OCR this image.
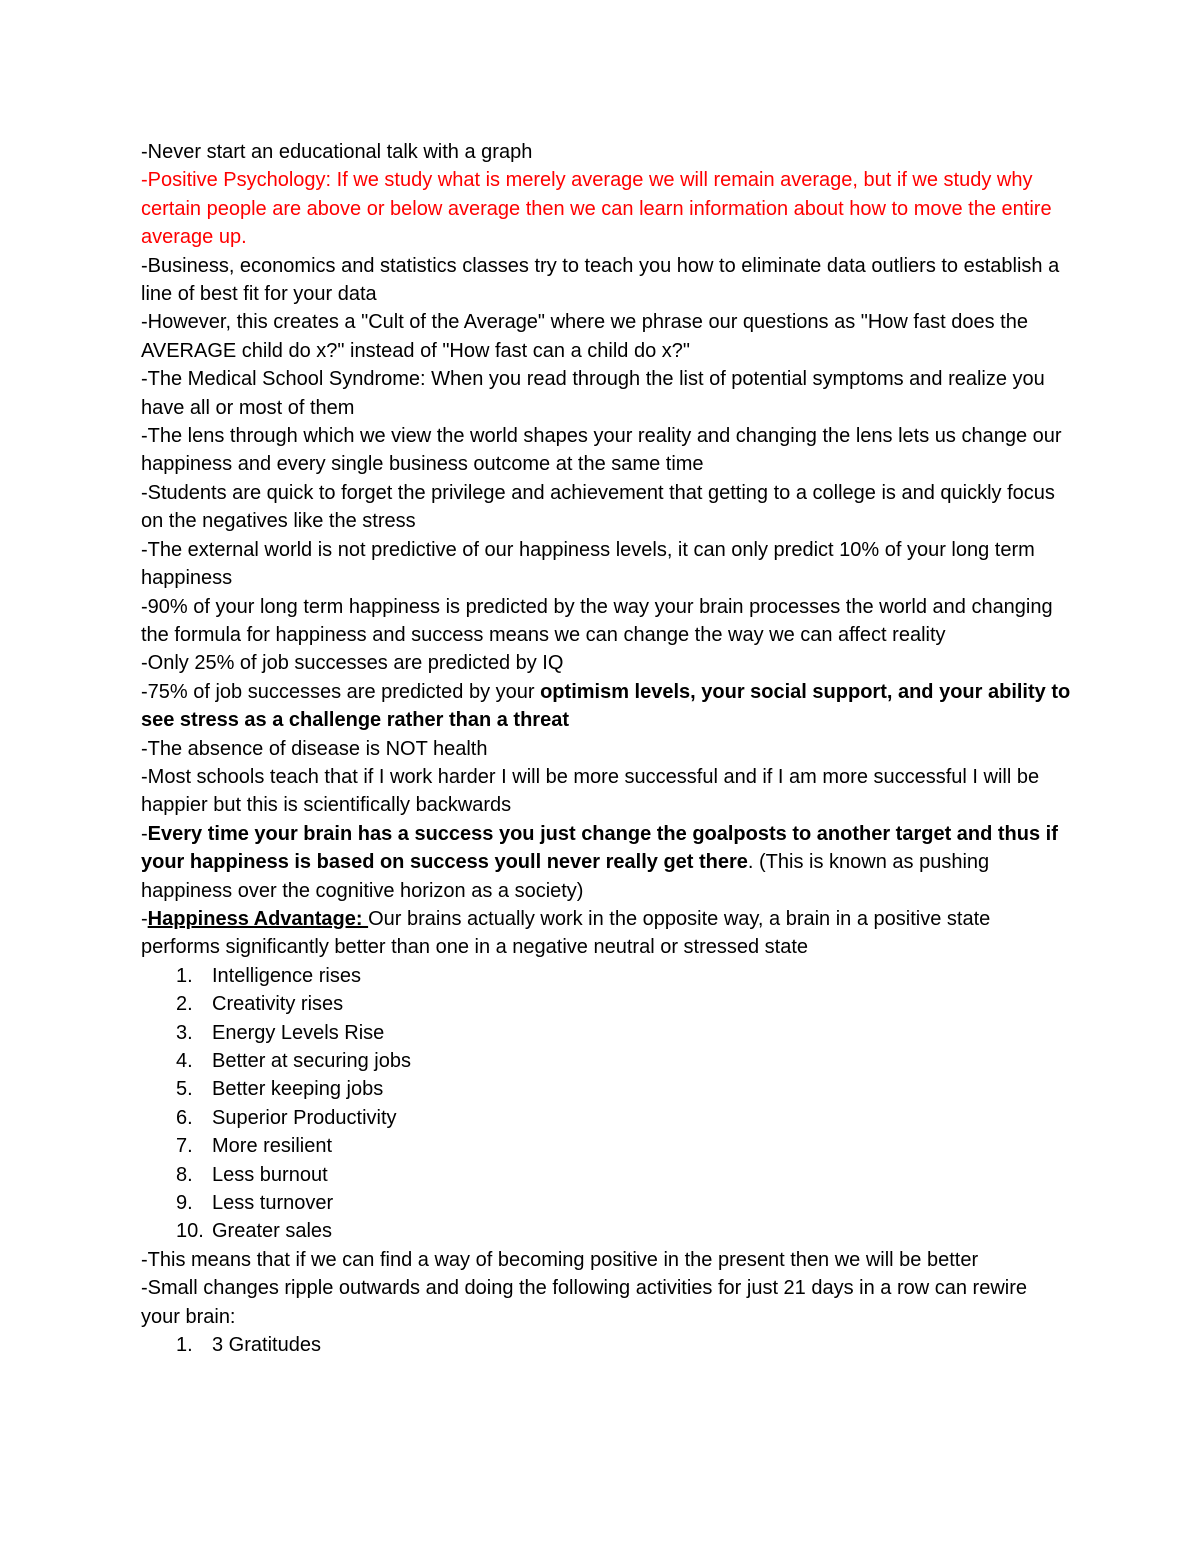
-Never start an educational talk with a graph

-Positive Psychology: If we study what is merely average we will remain average, but if we study why certain people are above or below average then we can learn information about how to move the entire average up.

-Business, economics and statistics classes try to teach you how to eliminate data outliers to establish a line of best fit for your data

-However, this creates a "Cult of the Average" where we phrase our questions as "How fast does the AVERAGE child do x?" instead of "How fast can a child do x?"

-The Medical School Syndrome: When you read through the list of potential symptoms and realize you have all or most of them

-The lens through which we view the world shapes your reality and changing the lens lets us change our happiness and every single business outcome at the same time

-Students are quick to forget the privilege and achievement that getting to a college is and quickly focus on the negatives like the stress

-The external world is not predictive of our happiness levels, it can only predict 10% of your long term happiness

-90% of your long term happiness is predicted by the way your brain processes the world and changing the formula for happiness and success means we can change the way we can affect reality

-Only 25% of job successes are predicted by IQ

-75% of job successes are predicted by your optimism levels, your social support, and your ability to see stress as a challenge rather than a threat

-The absence of disease is NOT health

-Most schools teach that if I work harder I will be more successful and if I am more successful I will be happier but this is scientifically backwards

-Every time your brain has a success you just change the goalposts to another target and thus if your happiness is based on success youll never really get there. (This is known as pushing happiness over the cognitive horizon as a society)

-Happiness Advantage: Our brains actually work in the opposite way, a brain in a positive state performs significantly better than one in a negative neutral or stressed state

1. Intelligence rises
2. Creativity rises
3. Energy Levels Rise
4. Better at securing jobs
5. Better keeping jobs
6. Superior Productivity
7. More resilient
8. Less burnout
9. Less turnover
10. Greater sales

-This means that if we can find a way of becoming positive in the present then we will be better

-Small changes ripple outwards and doing the following activities for just 21 days in a row can rewire your brain:

1. 3 Gratitudes
